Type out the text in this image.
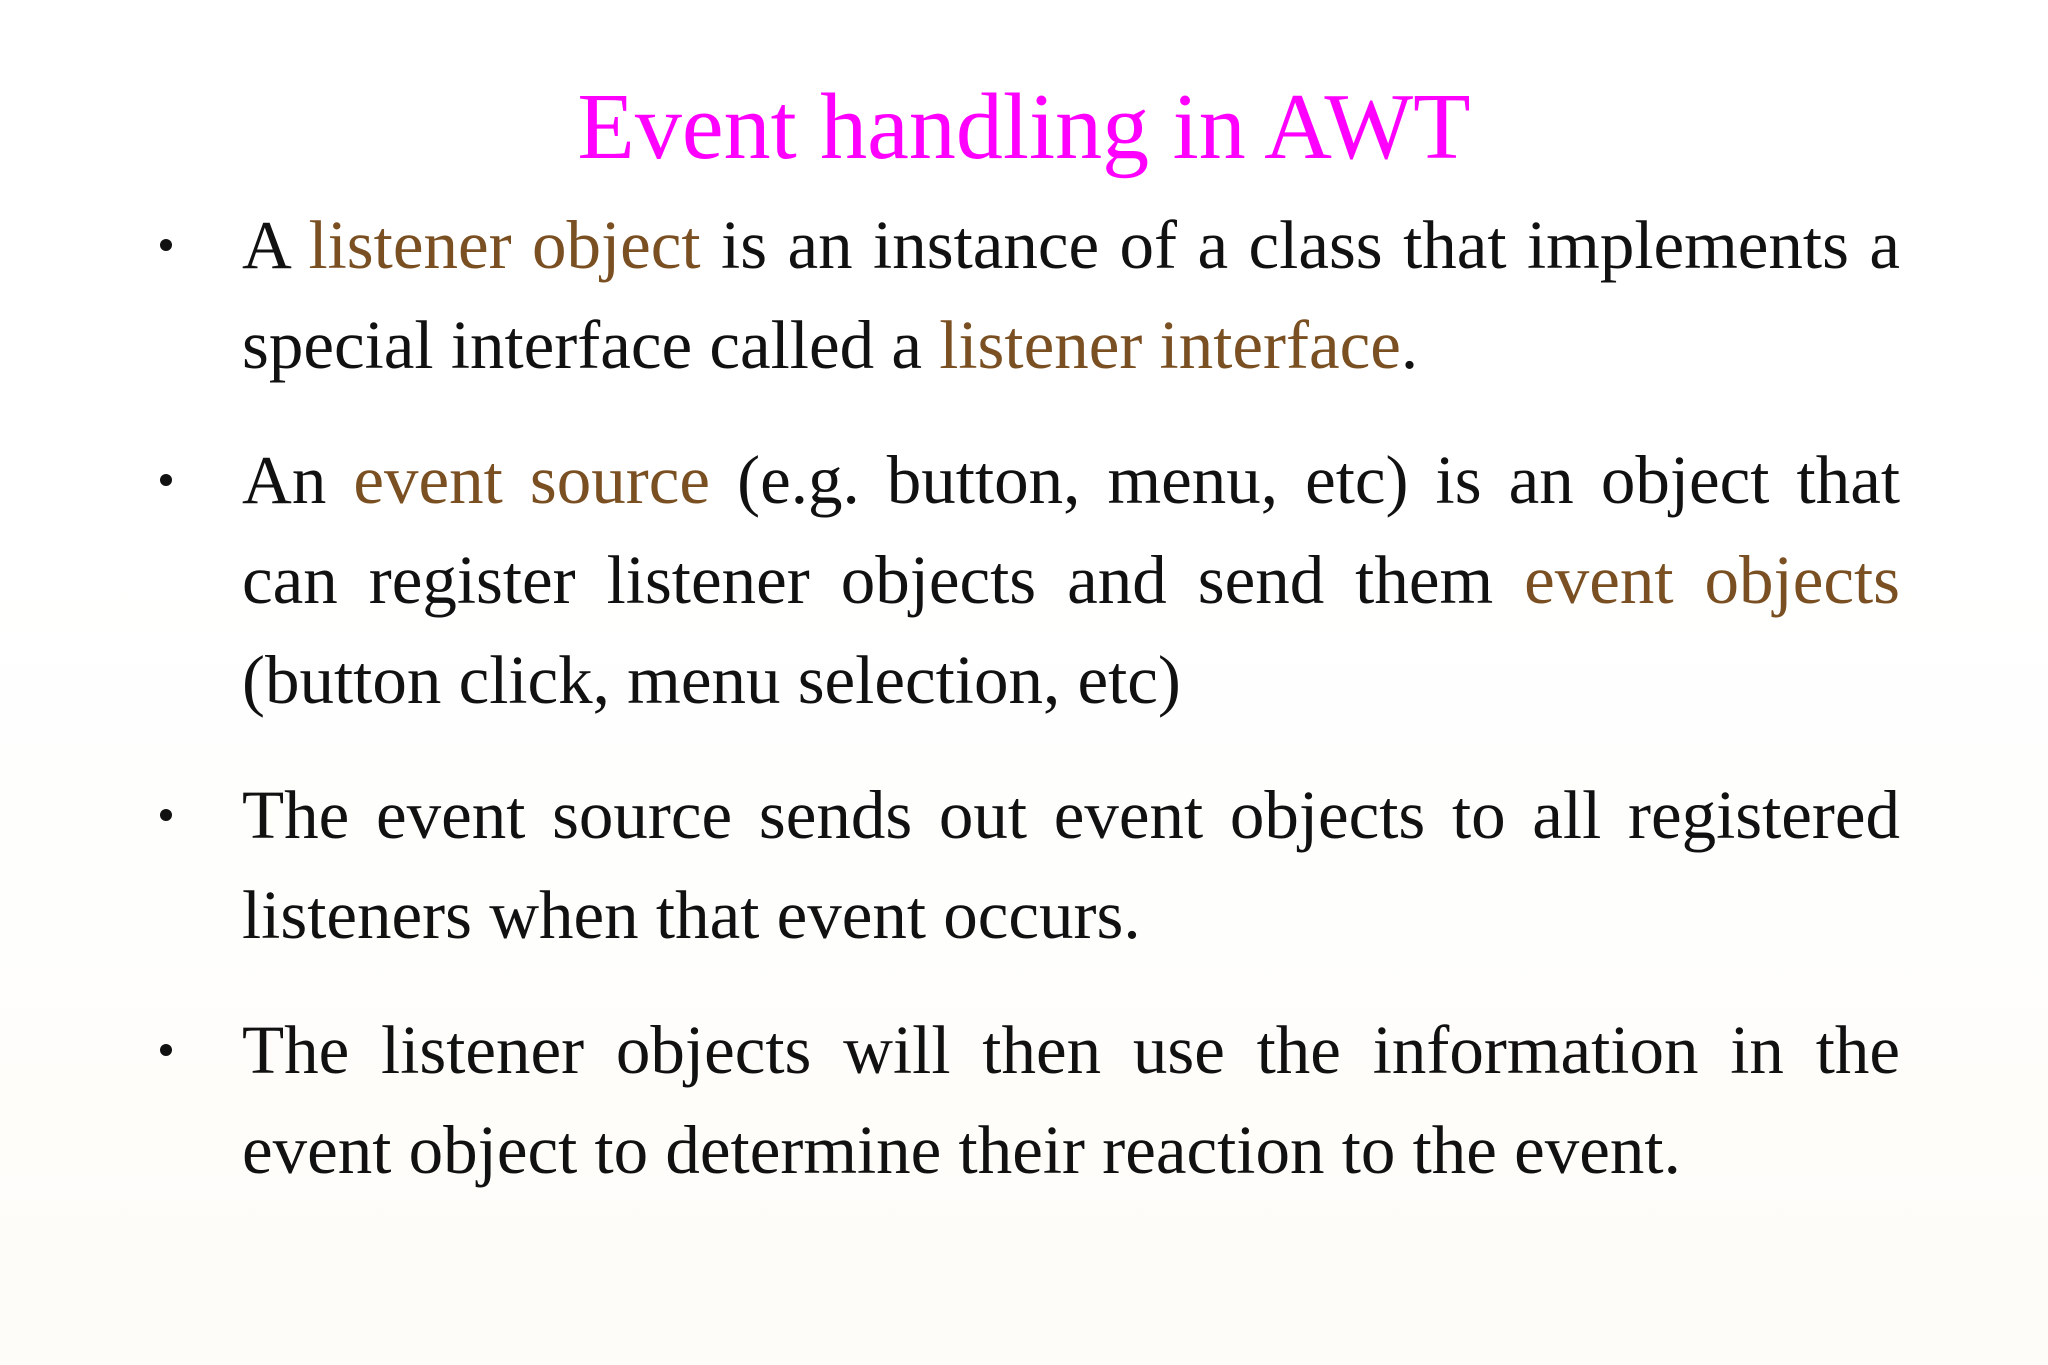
Event handling in AWT
A listener object is an instance of a class that implements a special interface called a listener interface.
An event source (e.g. button, menu, etc) is an object that can register listener objects and send them event objects (button click, menu selection, etc)
The event source sends out event objects to all registered listeners when that event occurs.
The listener objects will then use the information in the event object to determine their reaction to the event.
